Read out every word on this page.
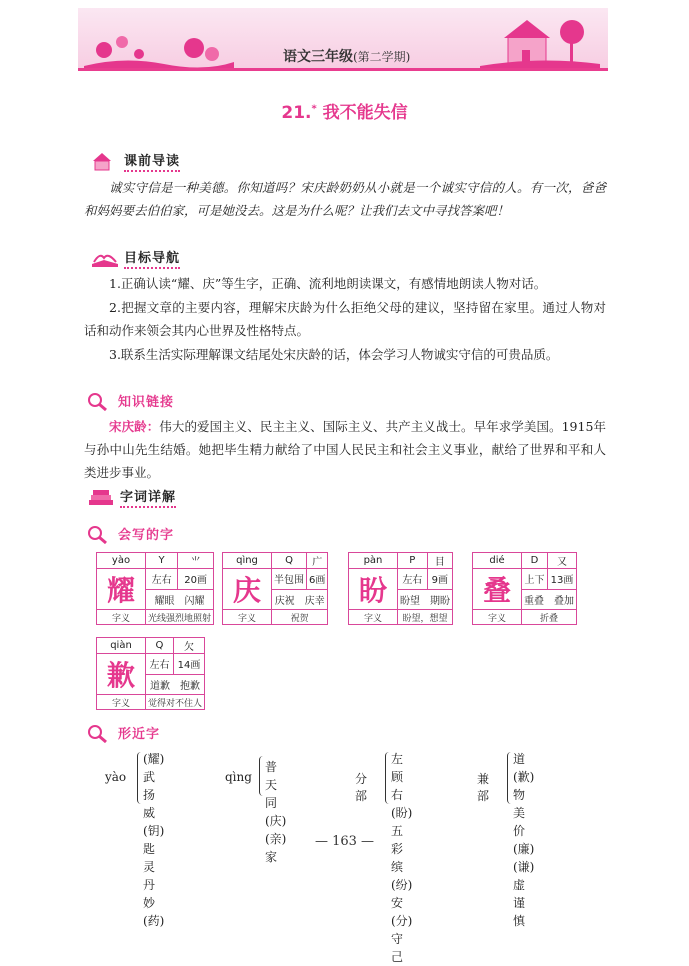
语文三年级(第二学期)
21.* 我不能失信
课前导读
诚实守信是一种美德。你知道吗？宋庆龄奶奶从小就是一个诚实守信的人。有一次，爸爸和妈妈要去伯伯家，可是她没去。这是为什么呢？让我们去文中寻找答案吧！
目标导航
1.正确认读“耀、庆”等生字，正确、流利地朗读课文，有感情地朗读人物对话。
2.把握文章的主要内容，理解宋庆龄为什么拒绝父母的建议，坚持留在家里。通过人物对话和动作来领会其内心世界及性格特点。
3.联系生活实际理解课文结尾处宋庆龄的话，体会学习人物诚实守信的可贵品质。
知识链接
宋庆龄：伟大的爱国主义、民主主义、国际主义、共产主义战士。早年求学美国。1915年与孙中山先生结婚。她把毕生精力献给了中国人民民主和社会主义事业，献给了世界和平和人类进步事业。
字词详解
会写的字
yào	Y	⺌
耀	左右	20画
	耀眼　闪耀	
字义	光线强烈地照射	
qìng	Q	广
庆	半包围	6画
	庆祝　庆幸	
字义	祝贺	
pàn	P	目
盼	左右	9画
	盼望　期盼	
字义	盼望，想望	
dié	D	又
叠	上下	13画
	重叠　叠加	
字义	折叠	
qiàn	Q	欠
歉	左右	14画
	道歉　抱歉	
字义	觉得对不住人	
形近字
yào
(耀)武扬威
(钥)匙
灵丹妙(药)
qìng
普天同(庆)
(亲)家
分部
左顾右(盼)
五彩缤(纷)
安(分)守己
兼部
道(歉)
物美价(廉)
(谦)虚谨慎
— 163 —
